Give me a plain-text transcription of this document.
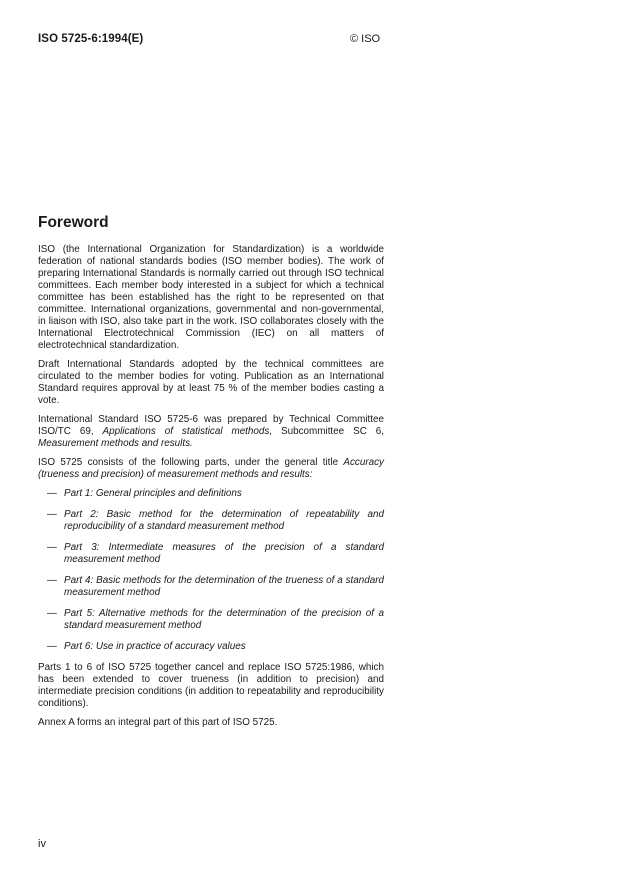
ISO 5725-6:1994(E)	© ISO
Foreword

ISO (the International Organization for Standardization) is a worldwide federation of national standards bodies (ISO member bodies). The work of preparing International Standards is normally carried out through ISO technical committees. Each member body interested in a subject for which a technical committee has been established has the right to be represented on that committee. International organizations, governmental and non-governmental, in liaison with ISO, also take part in the work. ISO collaborates closely with the International Electrotechnical Commission (IEC) on all matters of electrotechnical standardization.

Draft International Standards adopted by the technical committees are circulated to the member bodies for voting. Publication as an International Standard requires approval by at least 75 % of the member bodies casting a vote.

International Standard ISO 5725-6 was prepared by Technical Committee ISO/TC 69, Applications of statistical methods, Subcommittee SC 6, Measurement methods and results.

ISO 5725 consists of the following parts, under the general title Accuracy (trueness and precision) of measurement methods and results:

— Part 1: General principles and definitions
— Part 2: Basic method for the determination of repeatability and reproducibility of a standard measurement method
— Part 3: Intermediate measures of the precision of a standard measurement method
— Part 4: Basic methods for the determination of the trueness of a standard measurement method
— Part 5: Alternative methods for the determination of the precision of a standard measurement method
— Part 6: Use in practice of accuracy values

Parts 1 to 6 of ISO 5725 together cancel and replace ISO 5725:1986, which has been extended to cover trueness (in addition to precision) and intermediate precision conditions (in addition to repeatability and reproducibility conditions).

Annex A forms an integral part of this part of ISO 5725.

iv
